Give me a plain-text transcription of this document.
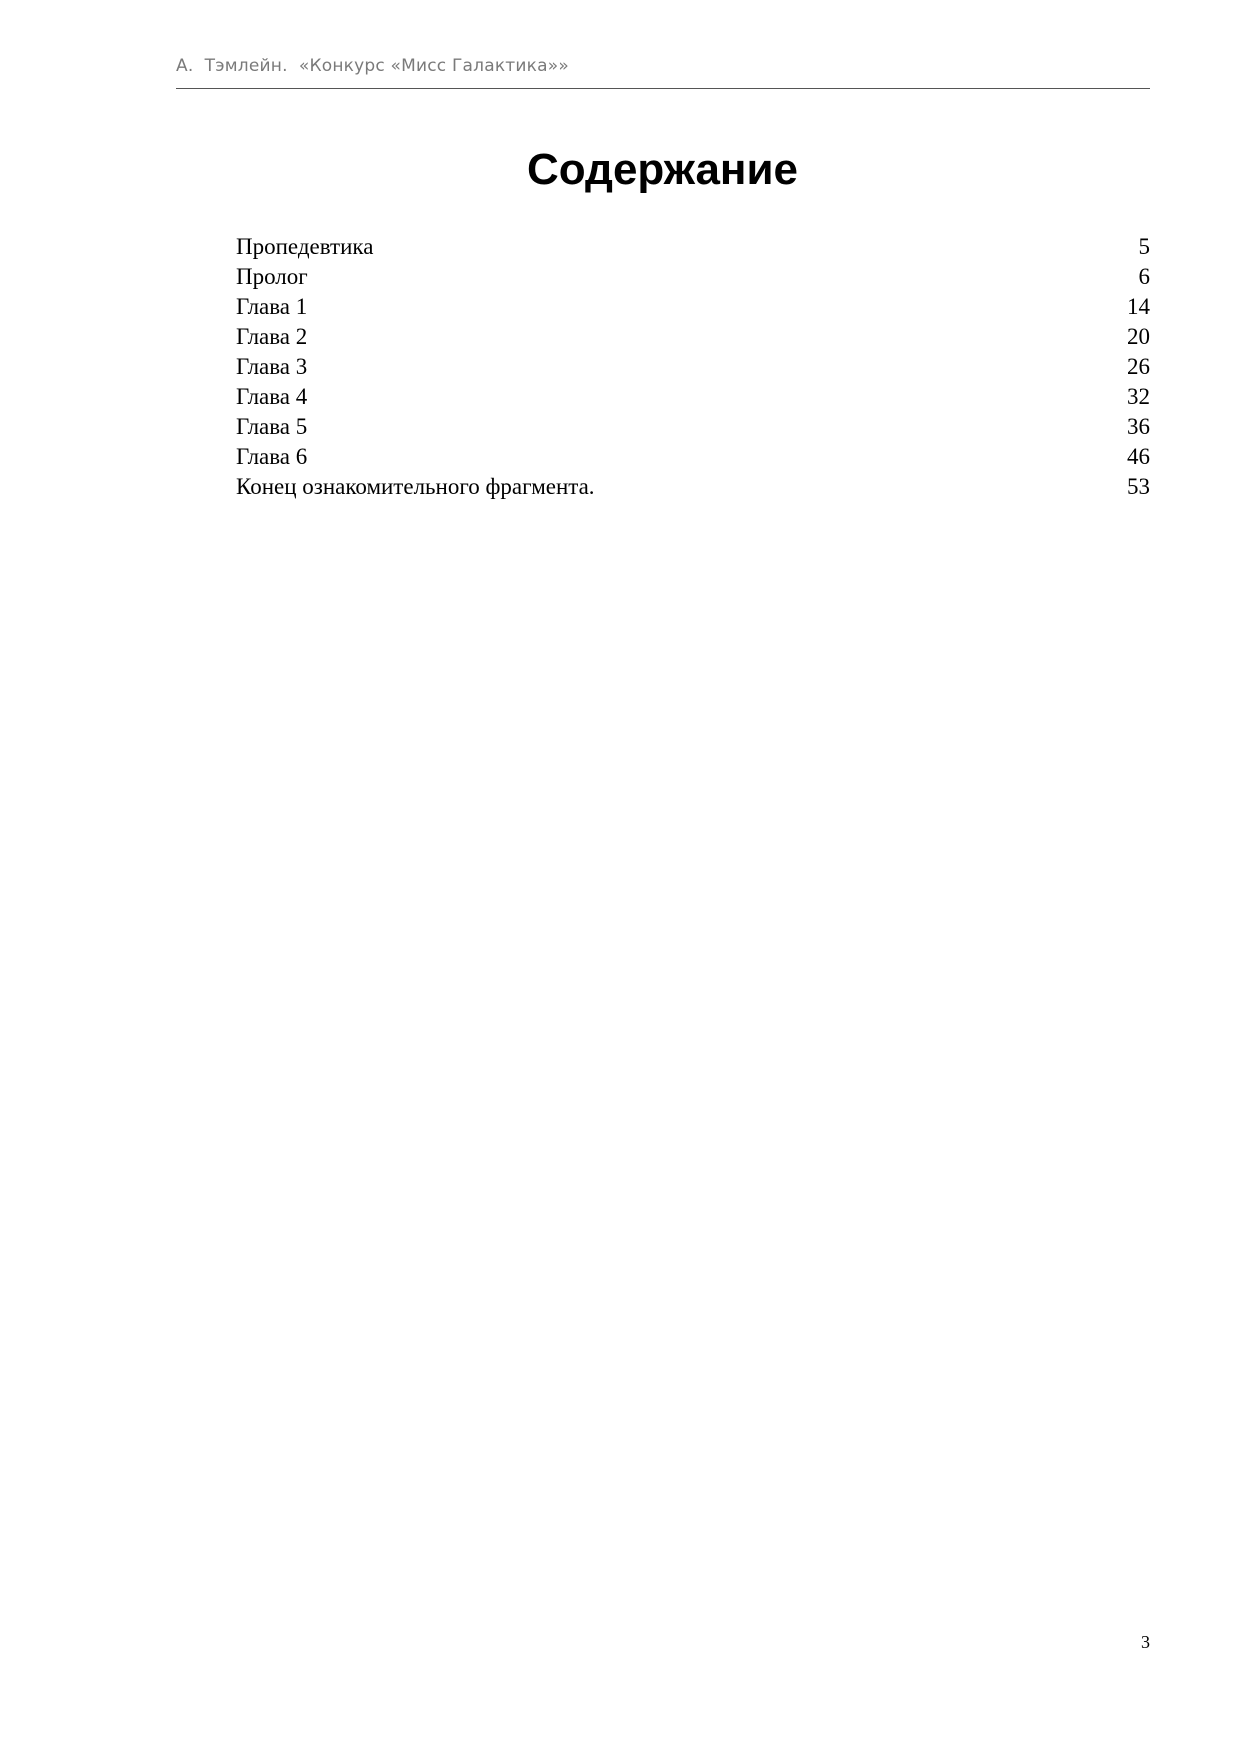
А.  Тэмлейн.  «Конкурс «Мисс Галактика»»
Содержание
Пропедевтика	5
Пролог	6
Глава 1	14
Глава 2	20
Глава 3	26
Глава 4	32
Глава 5	36
Глава 6	46
Конец ознакомительного фрагмента.	53
3
